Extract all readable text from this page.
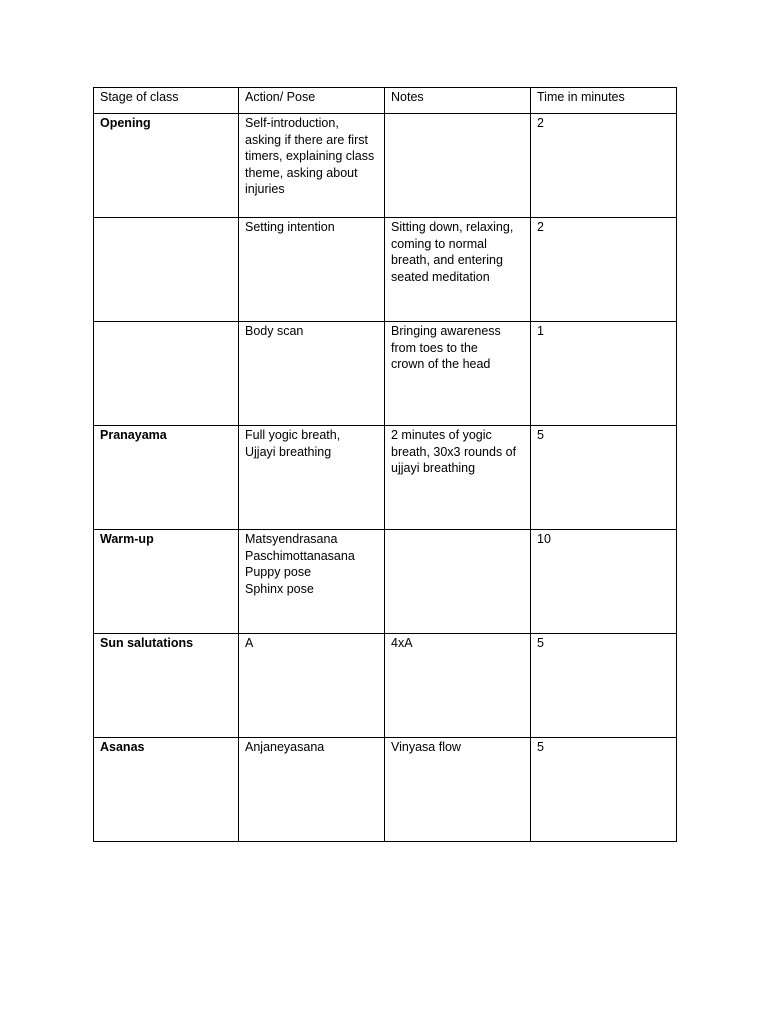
Stage of class	Action/ Pose	Notes	Time in minutes
Opening	Self-introduction,
asking if there are first
timers, explaining class
theme, asking about
injuries		2

	Setting intention	Sitting down, relaxing,
coming to normal
breath, and entering
seated meditation	2

	Body scan	Bringing awareness
from toes to the
crown of the head	1
Pranayama	Full yogic breath,
Ujjayi breathing	2 minutes of yogic
breath, 30x3 rounds of
ujjayi breathing	5
Warm-up	Matsyendrasana
Paschimottanasana
Puppy pose
Sphinx pose		10
Sun salutations	A	4xA	5
Asanas	Anjaneyasana	Vinyasa flow	5
